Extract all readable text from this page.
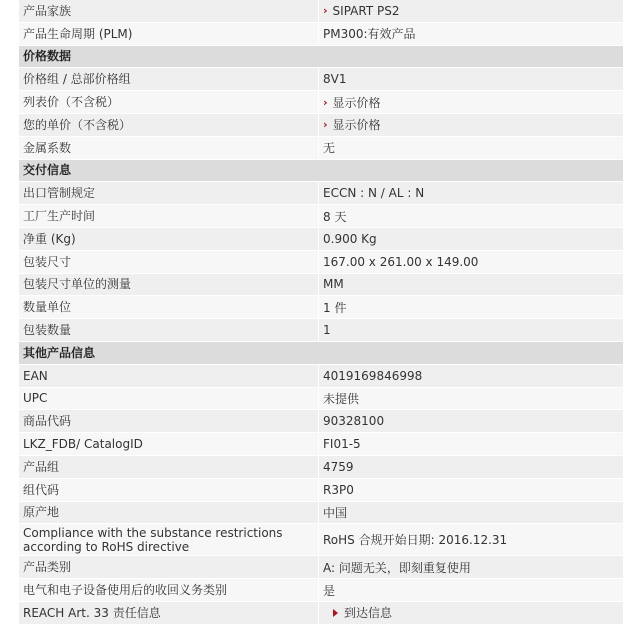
产品家族	› SIPART PS2
产品生命周期 (PLM)	PM300:有效产品
价格数据
价格组 / 总部价格组	8V1
列表价（不含税）	› 显示价格
您的单价（不含税）	› 显示价格
金属系数	无
交付信息
出口管制规定	ECCN : N / AL : N
工厂生产时间	8 天
净重 (Kg)	0.900 Kg
包装尺寸	167.00 x 261.00 x 149.00
包装尺寸单位的测量	MM
数量单位	1 件
包装数量	1
其他产品信息
EAN	4019169846998
UPC	未提供
商品代码	90328100
LKZ_FDB/ CatalogID	FI01-5
产品组	4759
组代码	R3P0
原产地	中国
Compliance with the substance restrictions according to RoHS directive	RoHS 合规开始日期: 2016.12.31
产品类别	A: 问题无关，即刻重复使用
电气和电子设备使用后的收回义务类别	是
REACH Art. 33 责任信息	到达信息
